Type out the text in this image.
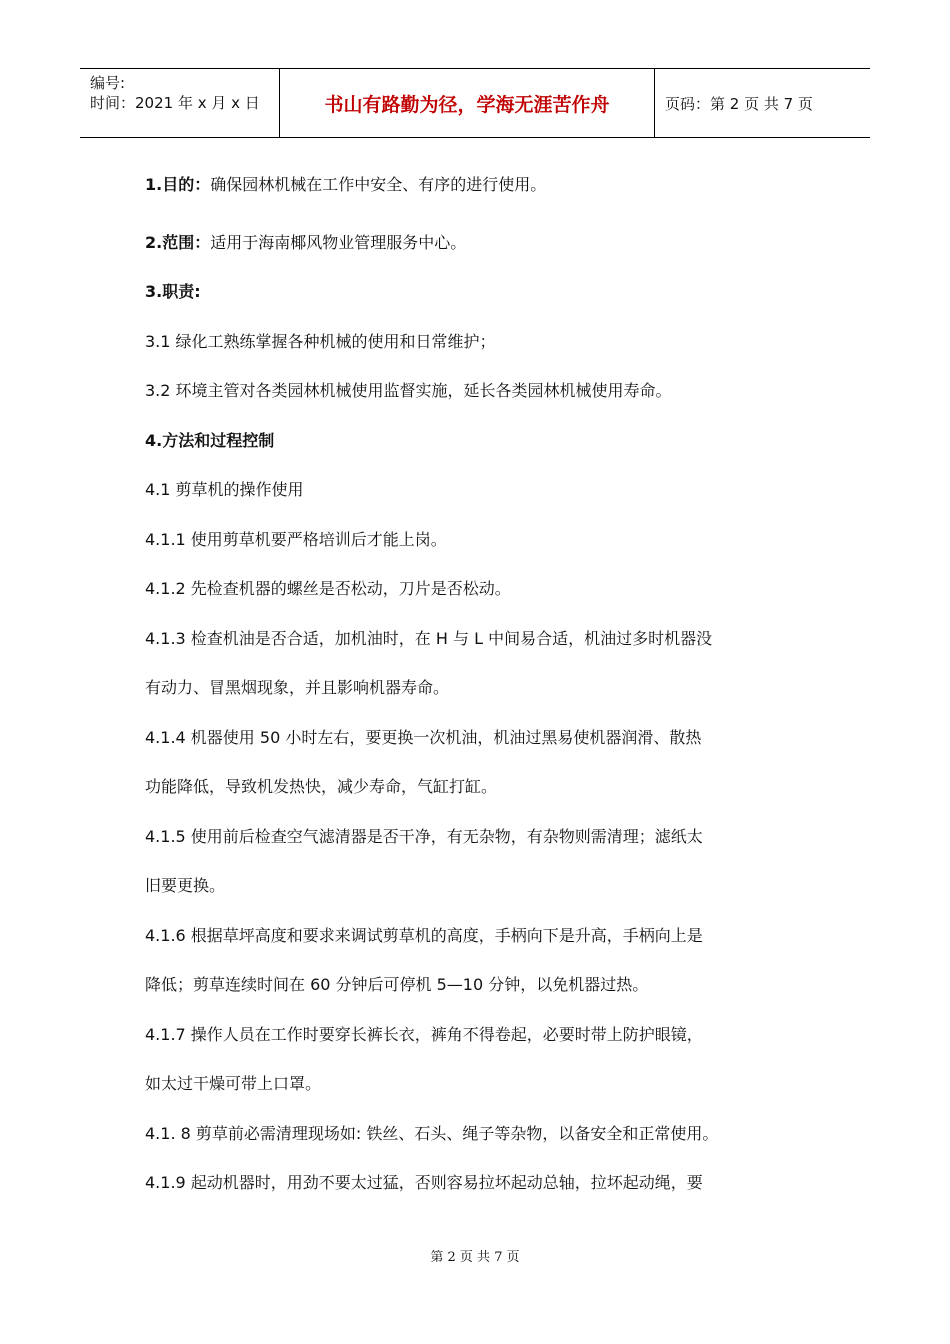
编号:
时间：2021 年 x 月 x 日	书山有路勤为径，学海无涯苦作舟	页码：第 2 页 共 7 页
1.目的：确保园林机械在工作中安全、有序的进行使用。
2.范围：适用于海南椰风物业管理服务中心。
3.职责:
3.1 绿化工熟练掌握各种机械的使用和日常维护；
3.2 环境主管对各类园林机械使用监督实施，延长各类园林机械使用寿命。
4.方法和过程控制
4.1 剪草机的操作使用
4.1.1 使用剪草机要严格培训后才能上岗。
4.1.2 先检查机器的螺丝是否松动，刀片是否松动。
4.1.3 检查机油是否合适，加机油时，在 H 与 L 中间易合适，机油过多时机器没
有动力、冒黑烟现象，并且影响机器寿命。
4.1.4 机器使用 50 小时左右，要更换一次机油，机油过黑易使机器润滑、散热
功能降低，导致机发热快，减少寿命，气缸打缸。
4.1.5 使用前后检查空气滤清器是否干净，有无杂物，有杂物则需清理；滤纸太
旧要更换。
4.1.6 根据草坪高度和要求来调试剪草机的高度，手柄向下是升高，手柄向上是
降低；剪草连续时间在 60 分钟后可停机 5—10 分钟，以免机器过热。
4.1.7 操作人员在工作时要穿长裤长衣，裤角不得卷起，必要时带上防护眼镜，
如太过干燥可带上口罩。
4.1. 8 剪草前必需清理现场如: 铁丝、石头、绳子等杂物，以备安全和正常使用。
4.1.9 起动机器时，用劲不要太过猛，否则容易拉坏起动总轴，拉坏起动绳，要
第 2 页 共 7 页
